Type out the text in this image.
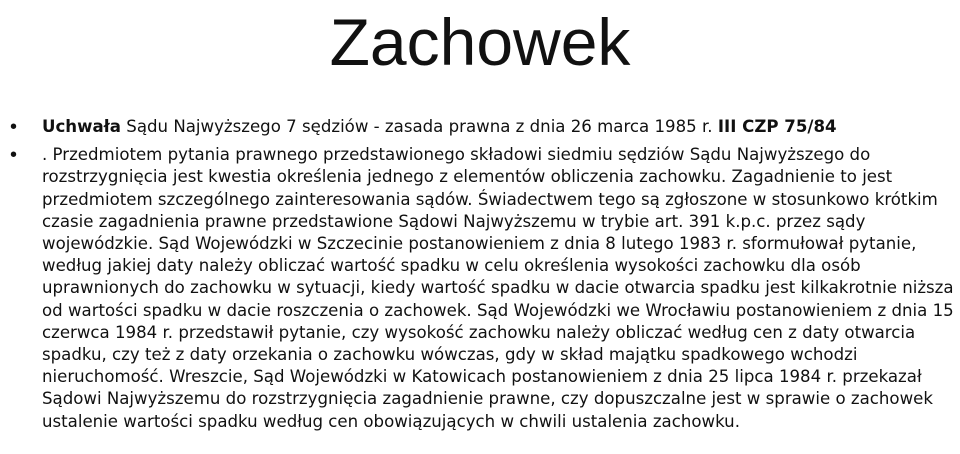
Zachowek
• Uchwała Sądu Najwyższego 7 sędziów - zasada prawna z dnia 26 marca 1985 r. III CZP 75/84
• . Przedmiotem pytania prawnego przedstawionego składowi siedmiu sędziów Sądu Najwyższego do rozstrzygnięcia jest kwestia określenia jednego z elementów obliczenia zachowku. Zagadnienie to jest przedmiotem szczególnego zainteresowania sądów. Świadectwem tego są zgłoszone w stosunkowo krótkim czasie zagadnienia prawne przedstawione Sądowi Najwyższemu w trybie art. 391 k.p.c. przez sądy wojewódzkie. Sąd Wojewódzki w Szczecinie postanowieniem z dnia 8 lutego 1983 r. sformułował pytanie, według jakiej daty należy obliczać wartość spadku w celu określenia wysokości zachowku dla osób uprawnionych do zachowku w sytuacji, kiedy wartość spadku w dacie otwarcia spadku jest kilkakrotnie niższa od wartości spadku w dacie roszczenia o zachowek. Sąd Wojewódzki we Wrocławiu postanowieniem z dnia 15 czerwca 1984 r. przedstawił pytanie, czy wysokość zachowku należy obliczać według cen z daty otwarcia spadku, czy też z daty orzekania o zachowku wówczas, gdy w skład majątku spadkowego wchodzi nieruchomość. Wreszcie, Sąd Wojewódzki w Katowicach postanowieniem z dnia 25 lipca 1984 r. przekazał Sądowi Najwyższemu do rozstrzygnięcia zagadnienie prawne, czy dopuszczalne jest w sprawie o zachowek ustalenie wartości spadku według cen obowiązujących w chwili ustalenia zachowku.
